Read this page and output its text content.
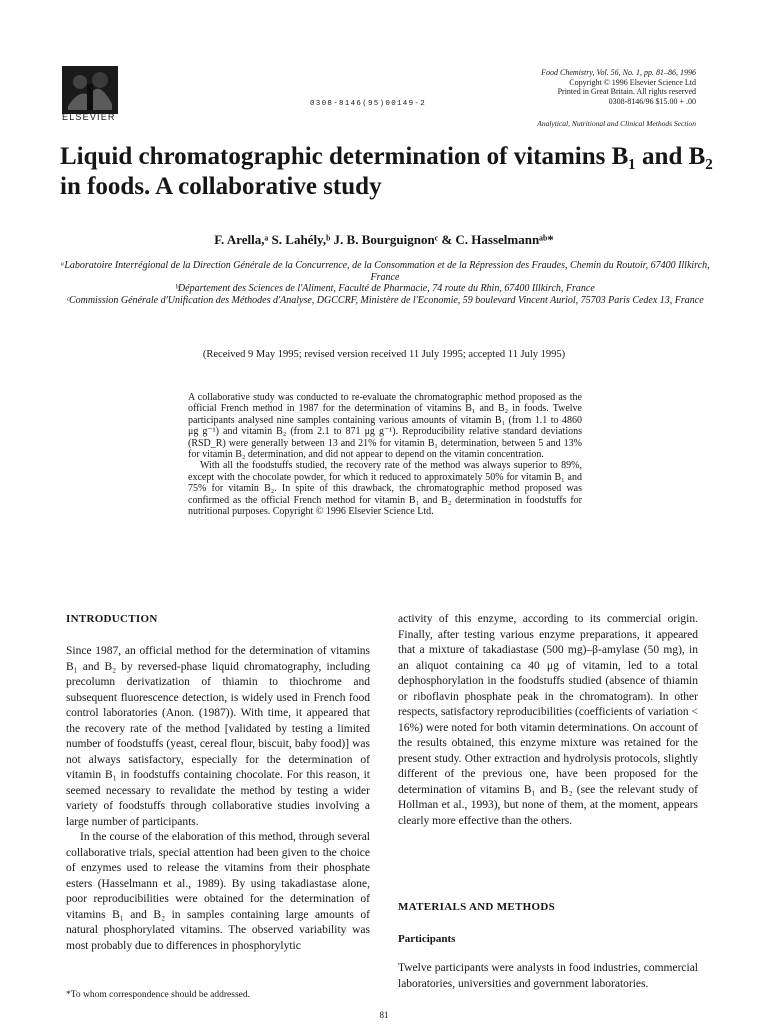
ELSEVIER
0308-8146(95)00149-2
Food Chemistry, Vol. 56, No. 1, pp. 81–86, 1996
Copyright © 1996 Elsevier Science Ltd
Printed in Great Britain. All rights reserved
0308-8146/96 $15.00 + .00
Analytical, Nutritional and Clinical Methods Section
Liquid chromatographic determination of vitamins B₁ and B₂ in foods. A collaborative study
F. Arella,ᵃ S. Lahély,ᵇ J. B. Bourguignonᶜ & C. Hasselmannᵃᵇ*

ᵃLaboratoire Interrégional de la Direction Générale de la Concurrence, de la Consommation et de la Répression des Fraudes, Chemin du Routoir, 67400 Illkirch, France

ᵇDépartement des Sciences de l'Aliment, Faculté de Pharmacie, 74 route du Rhin, 67400 Illkirch, France

ᶜCommission Générale d'Unification des Méthodes d'Analyse, DGCCRF, Ministère de l'Economie, 59 boulevard Vincent Auriol, 75703 Paris Cedex 13, France

(Received 9 May 1995; revised version received 11 July 1995; accepted 11 July 1995)

A collaborative study was conducted to re-evaluate the chromatographic method proposed as the official French method in 1987 for the determination of vitamins B₁ and B₂ in foods. Twelve participants analysed nine samples containing various amounts of vitamin B₁ (from 1.1 to 4860 μg g⁻¹) and vitamin B₂ (from 2.1 to 871 μg g⁻¹). Reproducibility relative standard deviations (RSD_R) were generally between 13 and 21% for vitamin B₁ determination, between 5 and 13% for vitamin B₂ determination, and did not appear to depend on the vitamin concentration.

With all the foodstuffs studied, the recovery rate of the method was always superior to 89%, except with the chocolate powder, for which it reduced to approximately 50% for vitamin B₁ and 75% for vitamin B₂. In spite of this drawback, the chromatographic method proposed was confirmed as the official French method for vitamin B₁ and B₂ determination in foodstuffs for nutritional purposes. Copyright © 1996 Elsevier Science Ltd.

INTRODUCTION

Since 1987, an official method for the determination of vitamins B₁ and B₂ by reversed-phase liquid chromatography, including precolumn derivatization of thiamin to thiochrome and subsequent fluorescence detection, is widely used in French food control laboratories (Anon. (1987)). With time, it appeared that the recovery rate of the method [validated by testing a limited number of foodstuffs (yeast, cereal flour, biscuit, baby food)] was not always satisfactory, especially for the determination of vitamin B₁ in foodstuffs containing chocolate. For this reason, it seemed necessary to revalidate the method by testing a wider variety of foodstuffs through collaborative studies involving a large number of participants.

In the course of the elaboration of this method, through several collaborative trials, special attention had been given to the choice of enzymes used to release the vitamins from their phosphate esters (Hasselmann et al., 1989). By using takadiastase alone, poor reproducibilities were obtained for the determination of vitamins B₁ and B₂ in samples containing large amounts of natural phosphorylated vitamins. The observed variability was most probably due to differences in phosphorylytic

activity of this enzyme, according to its commercial origin. Finally, after testing various enzyme preparations, it appeared that a mixture of takadiastase (500 mg)–β-amylase (50 mg), in an aliquot containing ca 40 μg of vitamin, led to a total dephosphorylation in the foodstuffs studied (absence of thiamin or riboflavin phosphate peak in the chromatogram). In other respects, satisfactory reproducibilities (coefficients of variation < 16%) were noted for both vitamin determinations. On account of the results obtained, this enzyme mixture was retained for the present study. Other extraction and hydrolysis protocols, slightly different of the previous one, have been proposed for the determination of vitamins B₁ and B₂ (see the relevant study of Hollman et al., 1993), but none of them, at the moment, appears clearly more effective than the others.

MATERIALS AND METHODS
Participants

Twelve participants were analysts in food industries, commercial laboratories, universities and government laboratories.

*To whom correspondence should be addressed.
81
